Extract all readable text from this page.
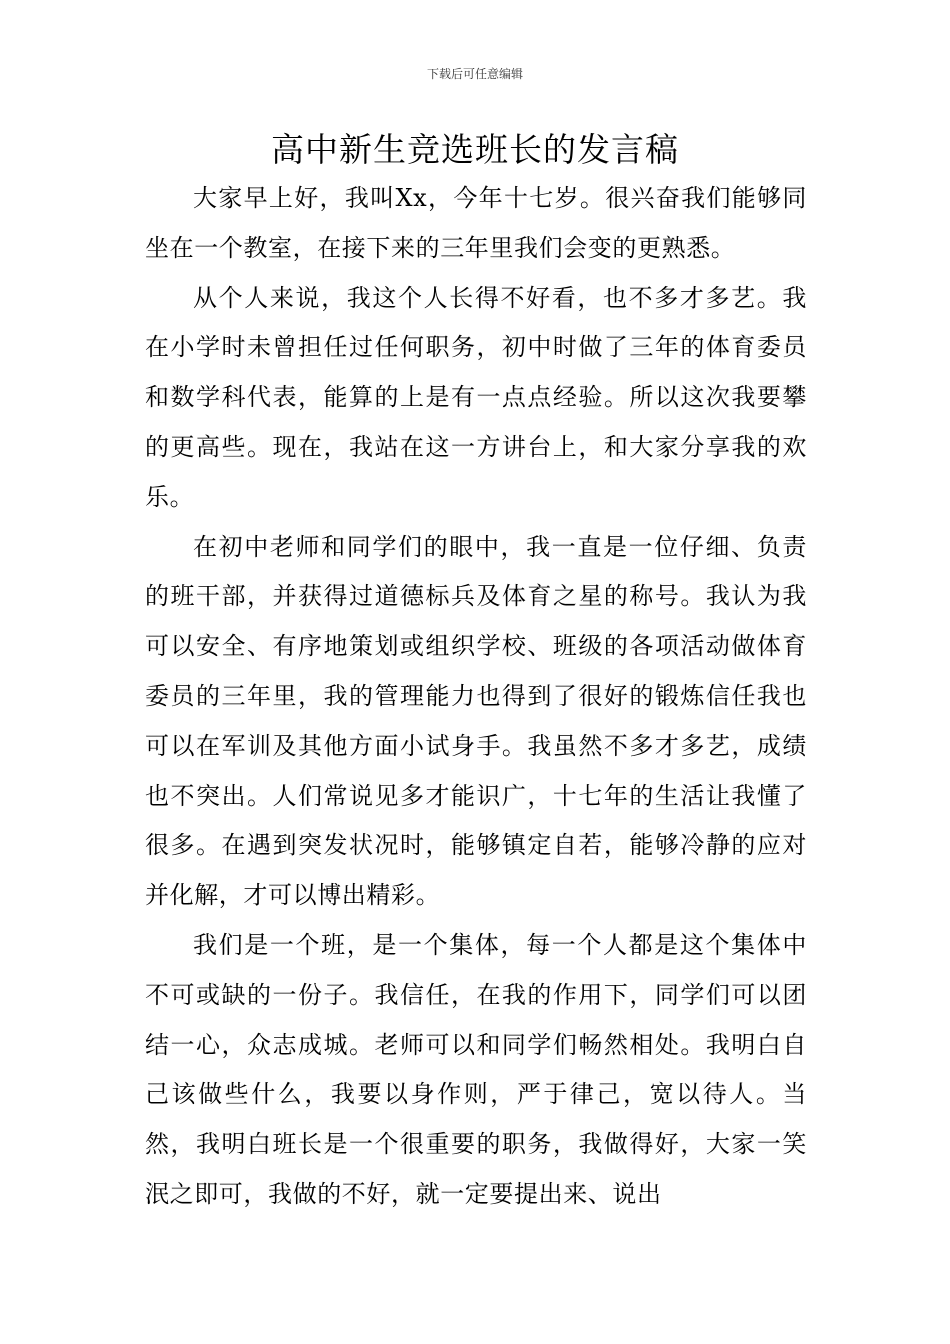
下载后可任意编辑
高中新生竞选班长的发言稿

大家早上好，我叫Xx，今年十七岁。很兴奋我们能够同坐在一个教室，在接下来的三年里我们会变的更熟悉。

从个人来说，我这个人长得不好看，也不多才多艺。我在小学时未曾担任过任何职务，初中时做了三年的体育委员和数学科代表，能算的上是有一点点经验。所以这次我要攀的更高些。现在，我站在这一方讲台上，和大家分享我的欢乐。

在初中老师和同学们的眼中，我一直是一位仔细、负责的班干部，并获得过道德标兵及体育之星的称号。我认为我可以安全、有序地策划或组织学校、班级的各项活动做体育委员的三年里，我的管理能力也得到了很好的锻炼信任我也可以在军训及其他方面小试身手。我虽然不多才多艺，成绩也不突出。人们常说见多才能识广，十七年的生活让我懂了很多。在遇到突发状况时，能够镇定自若，能够冷静的应对并化解，才可以博出精彩。

我们是一个班，是一个集体，每一个人都是这个集体中不可或缺的一份子。我信任，在我的作用下，同学们可以团结一心，众志成城。老师可以和同学们畅然相处。我明白自己该做些什么，我要以身作则，严于律己，宽以待人。当然，我明白班长是一个很重要的职务，我做得好，大家一笑泯之即可，我做的不好，就一定要提出来、说出
